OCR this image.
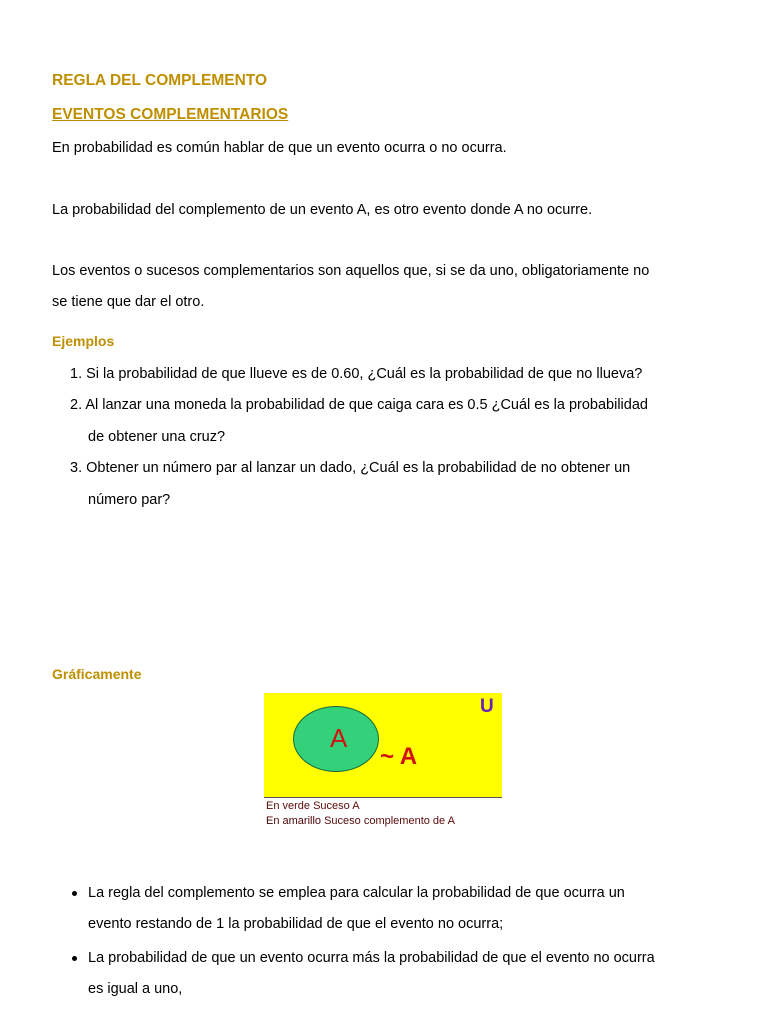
REGLA DEL COMPLEMENTO
EVENTOS COMPLEMENTARIOS
En probabilidad es común hablar de que un evento ocurra o no ocurra.
La probabilidad del complemento de un evento A, es otro evento donde A no ocurre.
Los eventos o sucesos complementarios son aquellos que, si se da uno, obligatoriamente no
se tiene que dar el otro.
Ejemplos
1. Si la probabilidad de que llueve es de 0.60, ¿Cuál es la probabilidad de que no llueva?
2. Al lanzar una moneda la probabilidad de que caiga cara es 0.5 ¿Cuál es la probabilidad
de obtener una cruz?
3. Obtener un número par al lanzar un dado, ¿Cuál es la probabilidad de no obtener un
número par?
Gráficamente
A
~ A
U
En verde Suceso A
En amarillo Suceso complemento de A
La regla del complemento se emplea para calcular la probabilidad de que ocurra un
evento restando de 1 la probabilidad de que el evento no ocurra;
La probabilidad de que un evento ocurra más la probabilidad de que el evento no ocurra
es igual a uno,
